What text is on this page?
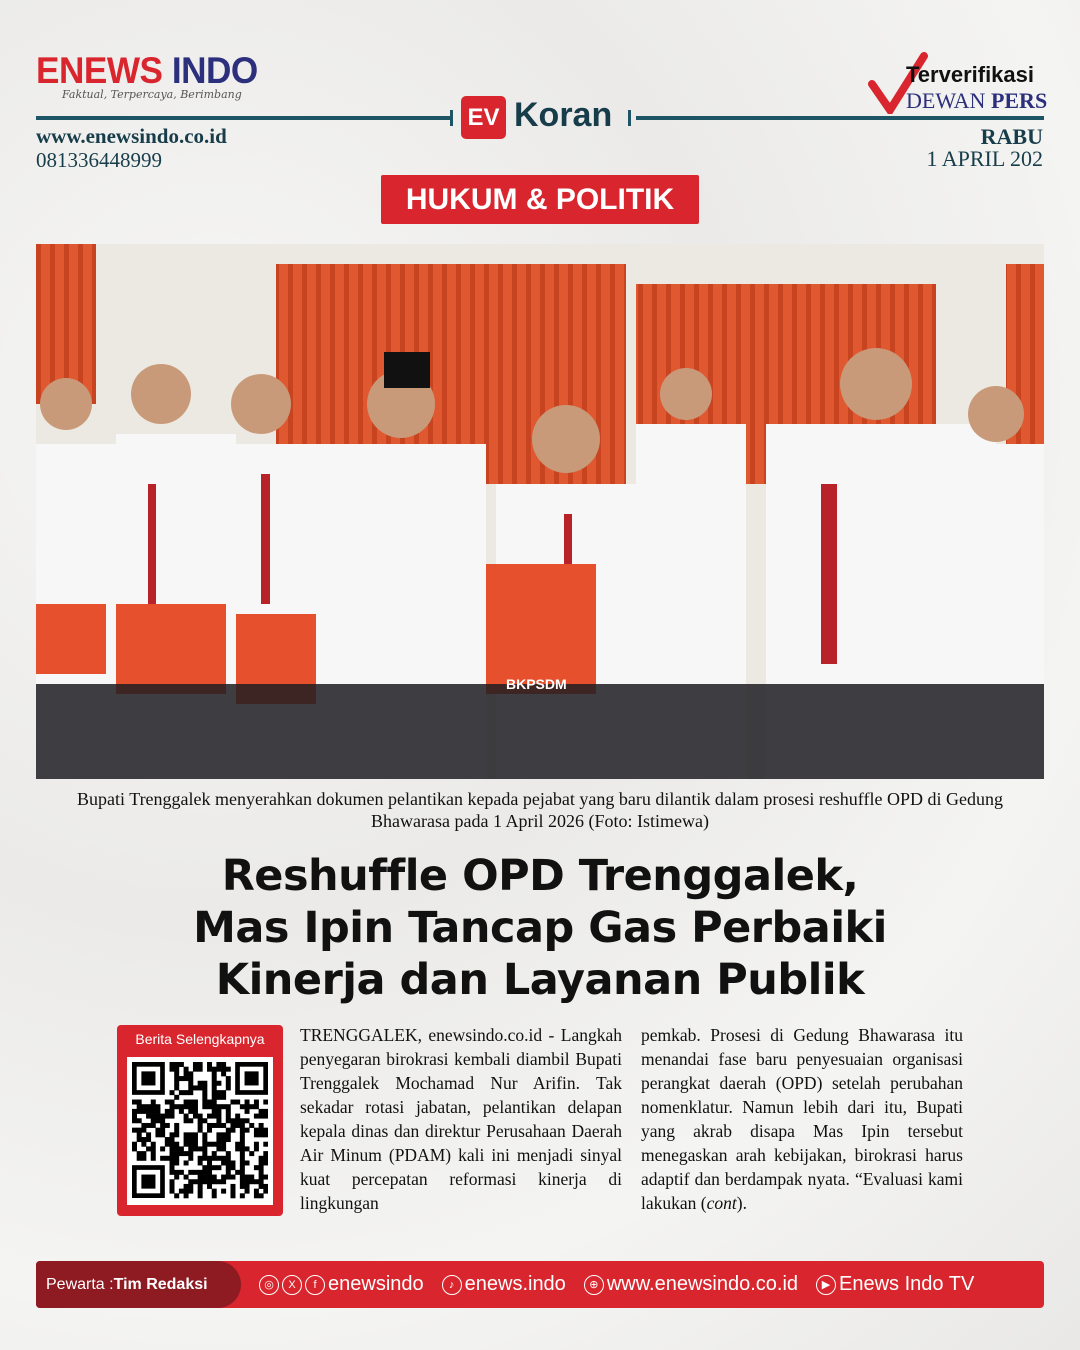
ENEWS INDO
Faktual, Terpercaya, Berimbang
www.enewsindo.co.id
081336448999
EV Koran
Terverifikasi
DEWAN PERS
RABU
1 APRIL 202
HUKUM & POLITIK
BKPSDM
Bupati Trenggalek menyerahkan dokumen pelantikan kepada pejabat yang baru dilantik dalam prosesi reshuffle OPD di Gedung Bhawarasa pada 1 April 2026 (Foto: Istimewa)
Reshuffle OPD Trenggalek,
Mas Ipin Tancap Gas Perbaiki
Kinerja dan Layanan Publik
Berita Selengkapnya	TRENGGALEK, enewsindo.co.id - Langkah penyegaran birokrasi kembali diambil Bupati Trenggalek Mochamad Nur Arifin. Tak sekadar rotasi jabatan, pelantikan delapan kepala dinas dan direktur Perusahaan Daerah Air Minum (PDAM) kali ini menjadi sinyal kuat percepatan reformasi kinerja di lingkungan
pemkab. Prosesi di Gedung Bhawarasa itu menandai fase baru penyesuaian organisasi perangkat daerah (OPD) setelah perubahan nomenklatur. Namun lebih dari itu, Bupati yang akrab disapa Mas Ipin tersebut menegaskan arah kebijakan, birokrasi harus adaptif dan berdampak nyata. “Evaluasi kami lakukan (cont).
Pewarta : Tim Redaksi	◎	X	f enewsindo	♪ enews.indo	⊕ www.enewsindo.co.id	▶ Enews Indo TV
